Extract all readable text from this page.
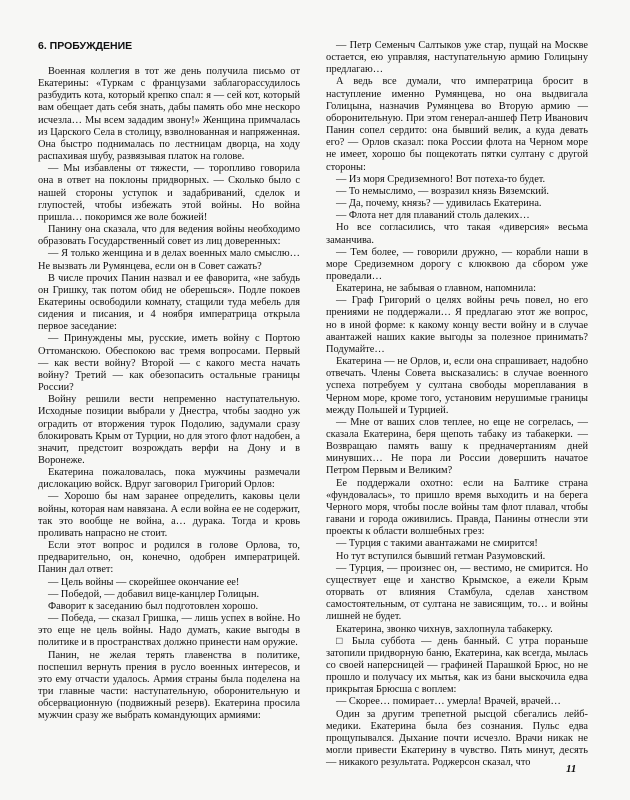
6. ПРОБУЖДЕНИЕ

Военная коллегия в тот же день получила письмо от Екатерины: «Туркам с французами заблагорассудилось разбудить кота, который крепко спал: я — сей кот, который вам обещает дать себя знать, дабы память обо мне нескоро исчезла… Мы всем зададим звону!» Женщина примчалась из Царского Села в столицу, взволнованная и напряженная. Она быстро поднималась по лестницам дворца, на ходу распахивая шубу, развязывая платок на голове.

— Мы избавлены от тяжести, — торопливо говорила она в ответ на поклоны придворных. — Сколько было с нашей стороны уступок и задабриваний, сделок и глупостей, чтобы избежать этой войны. Но война пришла… покоримся же воле божией!

Панину она сказала, что для ведения войны необходимо образовать Государственный совет из лиц доверенных:

— Я только женщина и в делах военных мало смыслю… Не вызвать ли Румянцева, если он в Совет сажать?

В числе прочих Панин назвал и ее фаворита, «не забудь он Гришку, так потом обид не оберешься». Подле покоев Екатерины освободили комнату, стащили туда мебель для сидения и писания, и 4 ноября императрица открыла первое заседание:

— Принуждены мы, русские, иметь войну с Портою Оттоманскою. Обеспокою вас тремя вопросами. Первый — как вести войну? Второй — с какого места начать войну? Третий — как обезопасить остальные границы России?

Войну решили вести непременно наступательную. Исходные позиции выбрали у Днестра, чтобы заодно уж оградить от вторжения турок Подолию, задумали сразу блокировать Крым от Турции, но для этого флот надобен, а значит, предстоит возрождать верфи на Дону и в Воронеже.

Екатерина пожаловалась, пока мужчины размечали дислокацию войск. Вдруг заговорил Григорий Орлов:

— Хорошо бы нам заранее определить, каковы цели войны, которая нам навязана. А если война ее не содержит, так это вообще не война, а… дурака. Тогда и кровь проливать напрасно не стоит.

Если этот вопрос и родился в голове Орлова, то, предварительно, он, конечно, одобрен императрицей. Панин дал ответ:

— Цель войны — скорейшее окончание ее!

— Победой, — добавил вице-канцлер Голицын.

Фаворит к заседанию был подготовлен хорошо.

— Победа, — сказал Гришка, — лишь успех в войне. Но это еще не цель войны. Надо думать, какие выгоды в политике и в пространствах должно принести нам оружие.

Панин, не желая терять главенства в политике, поспешил вернуть прения в русло военных интересов, и это ему отчасти удалось. Армия страны была поделена на три главные части: наступательную, оборонительную и обсервационную (подвижный резерв). Екатерина просила мужчин сразу же выбрать командующих армиями:

— Петр Семеныч Салтыков уже стар, пущай на Москве остается, ею управляя, наступательную армию Голицыну предлагаю…

А ведь все думали, что императрица бросит в наступление именно Румянцева, но она выдвигала Голицына, назначив Румянцева во Вторую армию — оборонительную. При этом генерал-аншеф Петр Иванович Панин сопел сердито: она бывший велик, а куда девать его? — Орлов сказал: пока России флота на Черном море не имеет, хорошо бы пощекотать пятки султану с другой стороны:

— Из моря Средиземного! Вот потеха-то будет.

— То немыслимо, — возразил князь Вяземский.

— Да, почему, князь? — удивилась Екатерина.

— Флота нет для плаваний столь далеких…

Но все согласились, что такая «диверсия» весьма заманчива.

— Тем более, — говорили дружно, — корабли наши в море Средиземном дорогу с клюквою да сбором уже проведали…

Екатерина, не забывая о главном, напомнила:

— Граф Григорий о целях войны речь повел, но его прениями не поддержали… Я предлагаю этот же вопрос, но в иной форме: к какому концу вести войну и в случае авантажей наших какие выгоды за полезное принимать? Подумайте…

Екатерина — не Орлов, и, если она спрашивает, надобно отвечать. Члены Совета высказались: в случае военного успеха потребуем у султана свободы мореплавания в Черном море, кроме того, установим нерушимые границы между Польшей и Турцией.

— Мне от ваших слов теплее, но еще не согрелась, — сказала Екатерина, беря щепоть табаку из табакерки. — Возвращаю память вашу к предначертаниям дней минувших… Не пора ли России довершить начатое Петром Первым и Великим?

Ее поддержали охотно: если на Балтике страна «фундовалась», то пришло время выходить и на берега Черного моря, чтобы после войны там флот плавал, чтобы гавани и города оживились. Правда, Панины отнесли эти проекты к области волшебных грез:

— Турция с такими авантажами не смирится!

Но тут вступился бывший гетман Разумовский.

— Турция, — произнес он, — вестимо, не смирится. Но существует еще и ханство Крымское, а ежели Крым оторвать от влияния Стамбула, сделав ханством самостоятельным, от султана не зависящим, то… и войны лишней не будет.

Екатерина, звонко чихнув, захлопнула табакерку.

□ Была суббота — день банный. С утра пораньше затопили придворную баню, Екатерина, как всегда, мылась со своей наперсницей — графиней Парашкой Брюс, но не прошло и получасу их мытья, как из бани выскочила едва прикрытая Брюсша с воплем:

— Скорее… помирает… умерла! Врачей, врачей…

Один за другим трепетной рысцой сбегались лейб-медики. Екатерина была без сознания. Пульс едва прощупывался. Дыхание почти исчезло. Врачи никак не могли привести Екатерину в чувство. Пять минут, десять — никакого результата. Роджерсон сказал, что

11
